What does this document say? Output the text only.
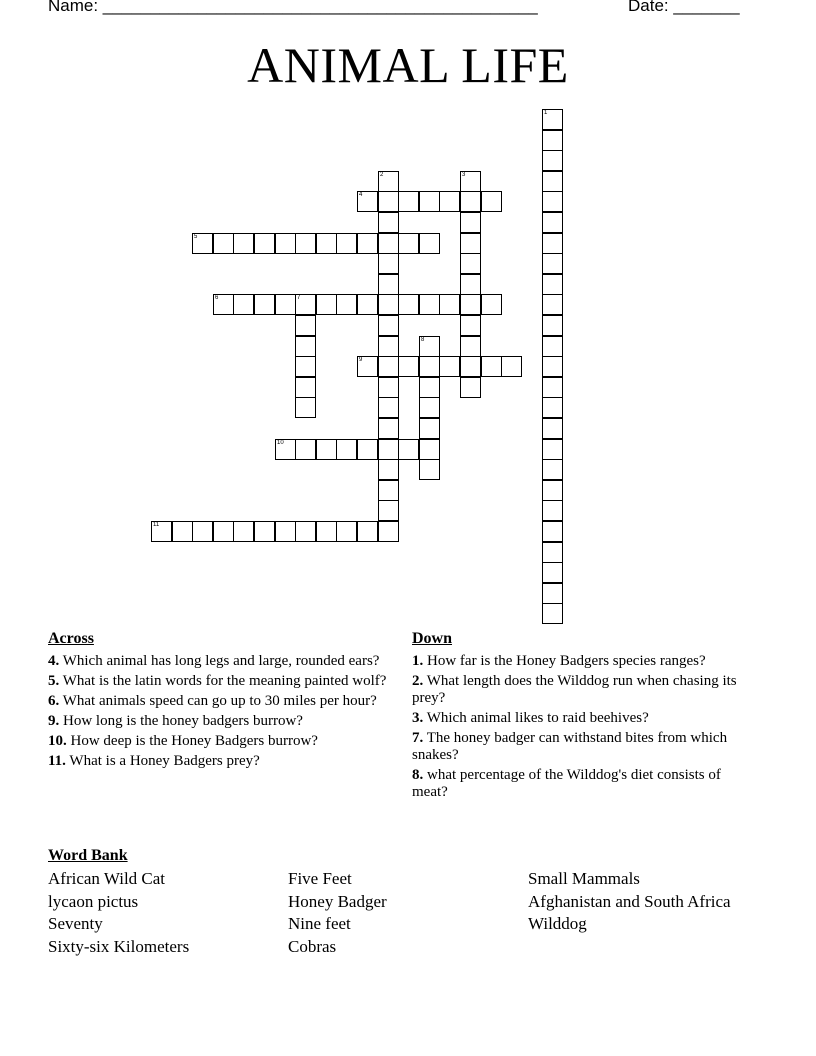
Name: ______________________________________________	Date: _______
ANIMAL LIFE
1
2	3
4
5
6	7
8
9
10
11
Across
4. Which animal has long legs and large, rounded ears?
5. What is the latin words for the meaning painted wolf?
6. What animals speed can go up to 30 miles per hour?
9. How long is the honey badgers burrow?
10. How deep is the Honey Badgers burrow?
11. What is a Honey Badgers prey?
Down
1. How far is the Honey Badgers species ranges?
2. What length does the Wilddog run when chasing its prey?
3. Which animal likes to raid beehives?
7. The honey badger can withstand bites from which snakes?
8. what percentage of the Wilddog's diet consists of meat?
Word Bank
African Wild Cat
lycaon pictus
Seventy
Sixty-six Kilometers
Five Feet
Honey Badger
Nine feet
Cobras
Small Mammals
Afghanistan and South Africa
Wilddog
